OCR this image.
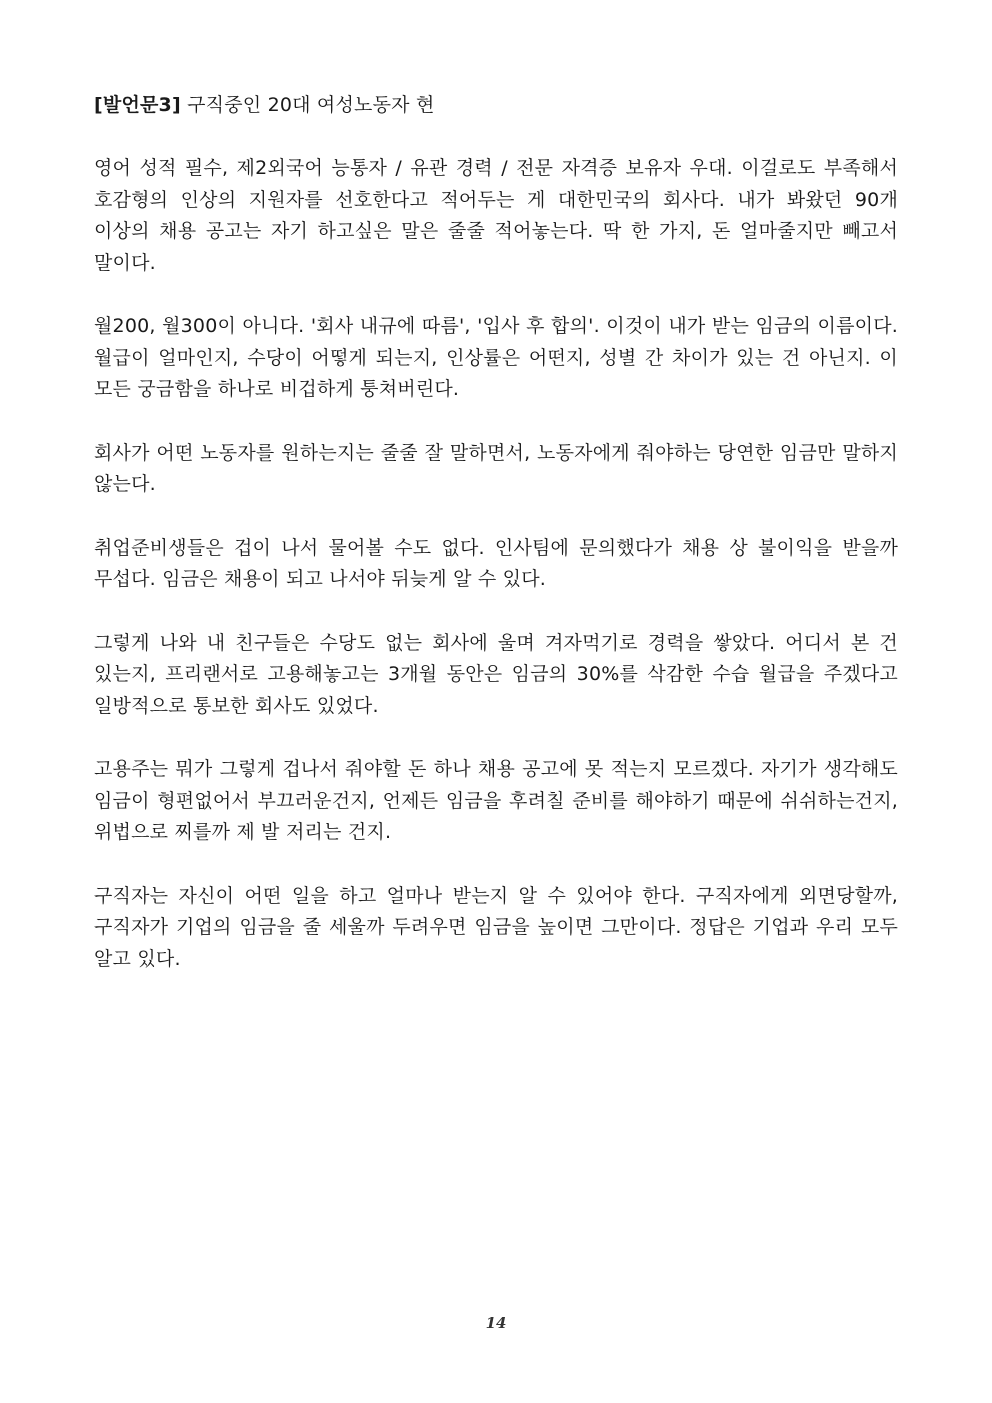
[발언문3] 구직중인 20대 여성노동자 현

영어 성적 필수, 제2외국어 능통자 / 유관 경력 / 전문 자격증 보유자 우대. 이걸로도 부족해서 호감형의 인상의 지원자를 선호한다고 적어두는 게 대한민국의 회사다. 내가 봐왔던 90개 이상의 채용 공고는 자기 하고싶은 말은 줄줄 적어놓는다. 딱 한 가지, 돈 얼마줄지만 빼고서 말이다.

월200, 월300이 아니다. '회사 내규에 따름', '입사 후 합의'. 이것이 내가 받는 임금의 이름이다. 월급이 얼마인지, 수당이 어떻게 되는지, 인상률은 어떤지, 성별 간 차이가 있는 건 아닌지. 이 모든 궁금함을 하나로 비겁하게 퉁쳐버린다.

회사가 어떤 노동자를 원하는지는 줄줄 잘 말하면서, 노동자에게 줘야하는 당연한 임금만 말하지 않는다.

취업준비생들은 겁이 나서 물어볼 수도 없다. 인사팀에 문의했다가 채용 상 불이익을 받을까 무섭다. 임금은 채용이 되고 나서야 뒤늦게 알 수 있다.

그렇게 나와 내 친구들은 수당도 없는 회사에 울며 겨자먹기로 경력을 쌓았다. 어디서 본 건 있는지, 프리랜서로 고용해놓고는 3개월 동안은 임금의 30%를 삭감한 수습 월급을 주겠다고 일방적으로 통보한 회사도 있었다.

고용주는 뭐가 그렇게 겁나서 줘야할 돈 하나 채용 공고에 못 적는지 모르겠다. 자기가 생각해도 임금이 형편없어서 부끄러운건지, 언제든 임금을 후려칠 준비를 해야하기 때문에 쉬쉬하는건지, 위법으로 찌를까 제 발 저리는 건지.

구직자는 자신이 어떤 일을 하고 얼마나 받는지 알 수 있어야 한다. 구직자에게 외면당할까, 구직자가 기업의 임금을 줄 세울까 두려우면 임금을 높이면 그만이다. 정답은 기업과 우리 모두 알고 있다.

14
